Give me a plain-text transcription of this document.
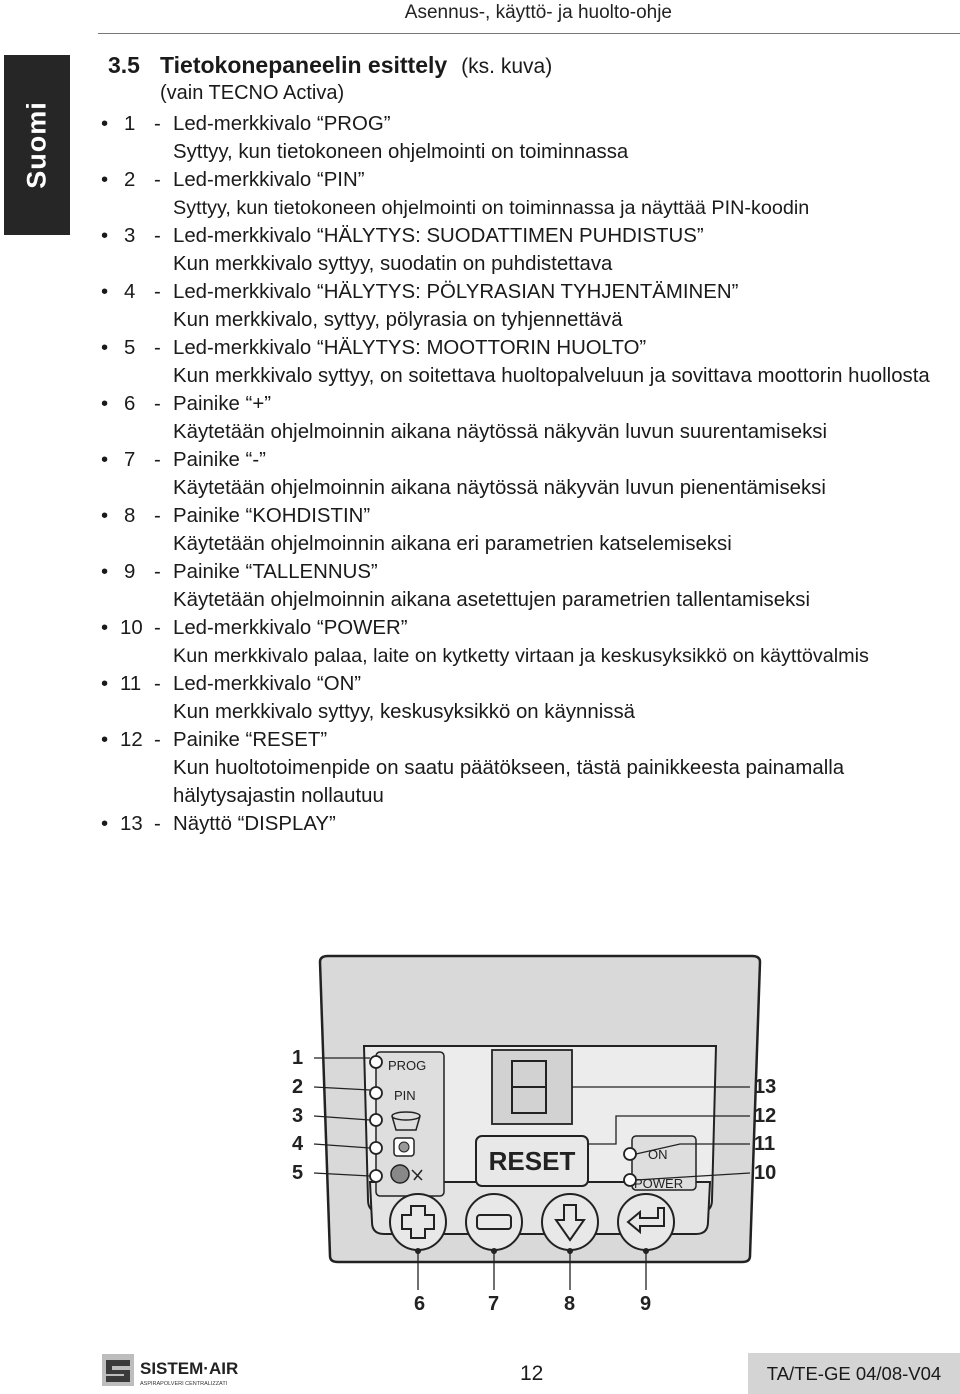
Asennus-, käyttö- ja huolto-ohje
Suomi
3.5 Tietokonepaneelin esittely (ks. kuva)
(vain TECNO Activa)
• 1 - Led-merkkivalo “PROG”
Syttyy, kun tietokoneen ohjelmointi on toiminnassa
• 2 - Led-merkkivalo “PIN”
Syttyy, kun tietokoneen ohjelmointi on toiminnassa ja näyttää PIN-koodin
• 3 - Led-merkkivalo “HÄLYTYS: SUODATTIMEN PUHDISTUS”
Kun merkkivalo syttyy, suodatin on puhdistettava
• 4 - Led-merkkivalo “HÄLYTYS: PÖLYRASIAN TYHJENTÄMINEN”
Kun merkkivalo, syttyy, pölyrasia on tyhjennettävä
• 5 - Led-merkkivalo “HÄLYTYS: MOOTTORIN HUOLTO”
Kun merkkivalo syttyy, on soitettava huoltopalveluun ja sovittava moottorin huollosta
• 6 - Painike “+”
Käytetään ohjelmoinnin aikana näytössä näkyvän luvun suurentamiseksi
• 7 - Painike “-”
Käytetään ohjelmoinnin aikana näytössä näkyvän luvun pienentämiseksi
• 8 - Painike “KOHDISTIN”
Käytetään ohjelmoinnin aikana eri parametrien katselemiseksi
• 9 - Painike “TALLENNUS”
Käytetään ohjelmoinnin aikana asetettujen parametrien tallentamiseksi
• 10 - Led-merkkivalo “POWER”
Kun merkkivalo palaa, laite on kytketty virtaan ja keskusyksikkö on käyttövalmis
• 11 - Led-merkkivalo “ON”
Kun merkkivalo syttyy, keskusyksikkö on käynnissä
• 12 - Painike “RESET”
Kun huoltotoimenpide on saatu päätökseen, tästä painikkeesta painamalla hälytysajastin nollautuu
• 13 - Näyttö “DISPLAY”
PROG
PIN
RESET	ON
POWER
1
2
3
4
5
13
12
11
10
6	7	8	9
SISTEM·AIR
ASPIRAPOLVERI CENTRALIZZATI	12	TA/TE-GE 04/08-V04
